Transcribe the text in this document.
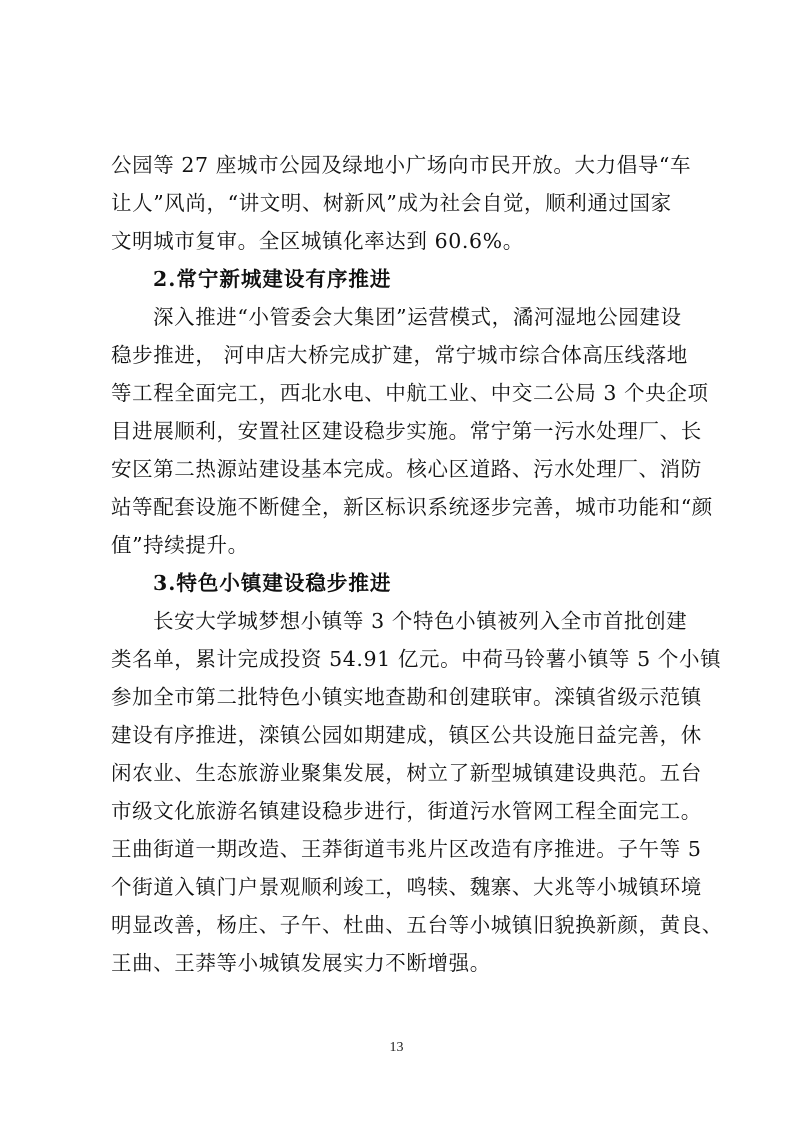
公园等 27 座城市公园及绿地小广场向市民开放。大力倡导“车
让人”风尚，“讲文明、树新风”成为社会自觉，顺利通过国家
文明城市复审。全区城镇化率达到 60.6%。
2.常宁新城建设有序推进
深入推进“小管委会大集团”运营模式，潏河湿地公园建设
稳步推进， 河申店大桥完成扩建，常宁城市综合体高压线落地
等工程全面完工，西北水电、中航工业、中交二公局 3 个央企项
目进展顺利，安置社区建设稳步实施。常宁第一污水处理厂、长
安区第二热源站建设基本完成。核心区道路、污水处理厂、消防
站等配套设施不断健全，新区标识系统逐步完善，城市功能和“颜
值”持续提升。
3.特色小镇建设稳步推进
长安大学城梦想小镇等 3 个特色小镇被列入全市首批创建
类名单，累计完成投资 54.91 亿元。中荷马铃薯小镇等 5 个小镇
参加全市第二批特色小镇实地查勘和创建联审。滦镇省级示范镇
建设有序推进，滦镇公园如期建成，镇区公共设施日益完善，休
闲农业、生态旅游业聚集发展，树立了新型城镇建设典范。五台
市级文化旅游名镇建设稳步进行，街道污水管网工程全面完工。
王曲街道一期改造、王莽街道韦兆片区改造有序推进。子午等 5
个街道入镇门户景观顺利竣工，鸣犊、魏寨、大兆等小城镇环境
明显改善，杨庄、子午、杜曲、五台等小城镇旧貌换新颜，黄良、
王曲、王莽等小城镇发展实力不断增强。
13
